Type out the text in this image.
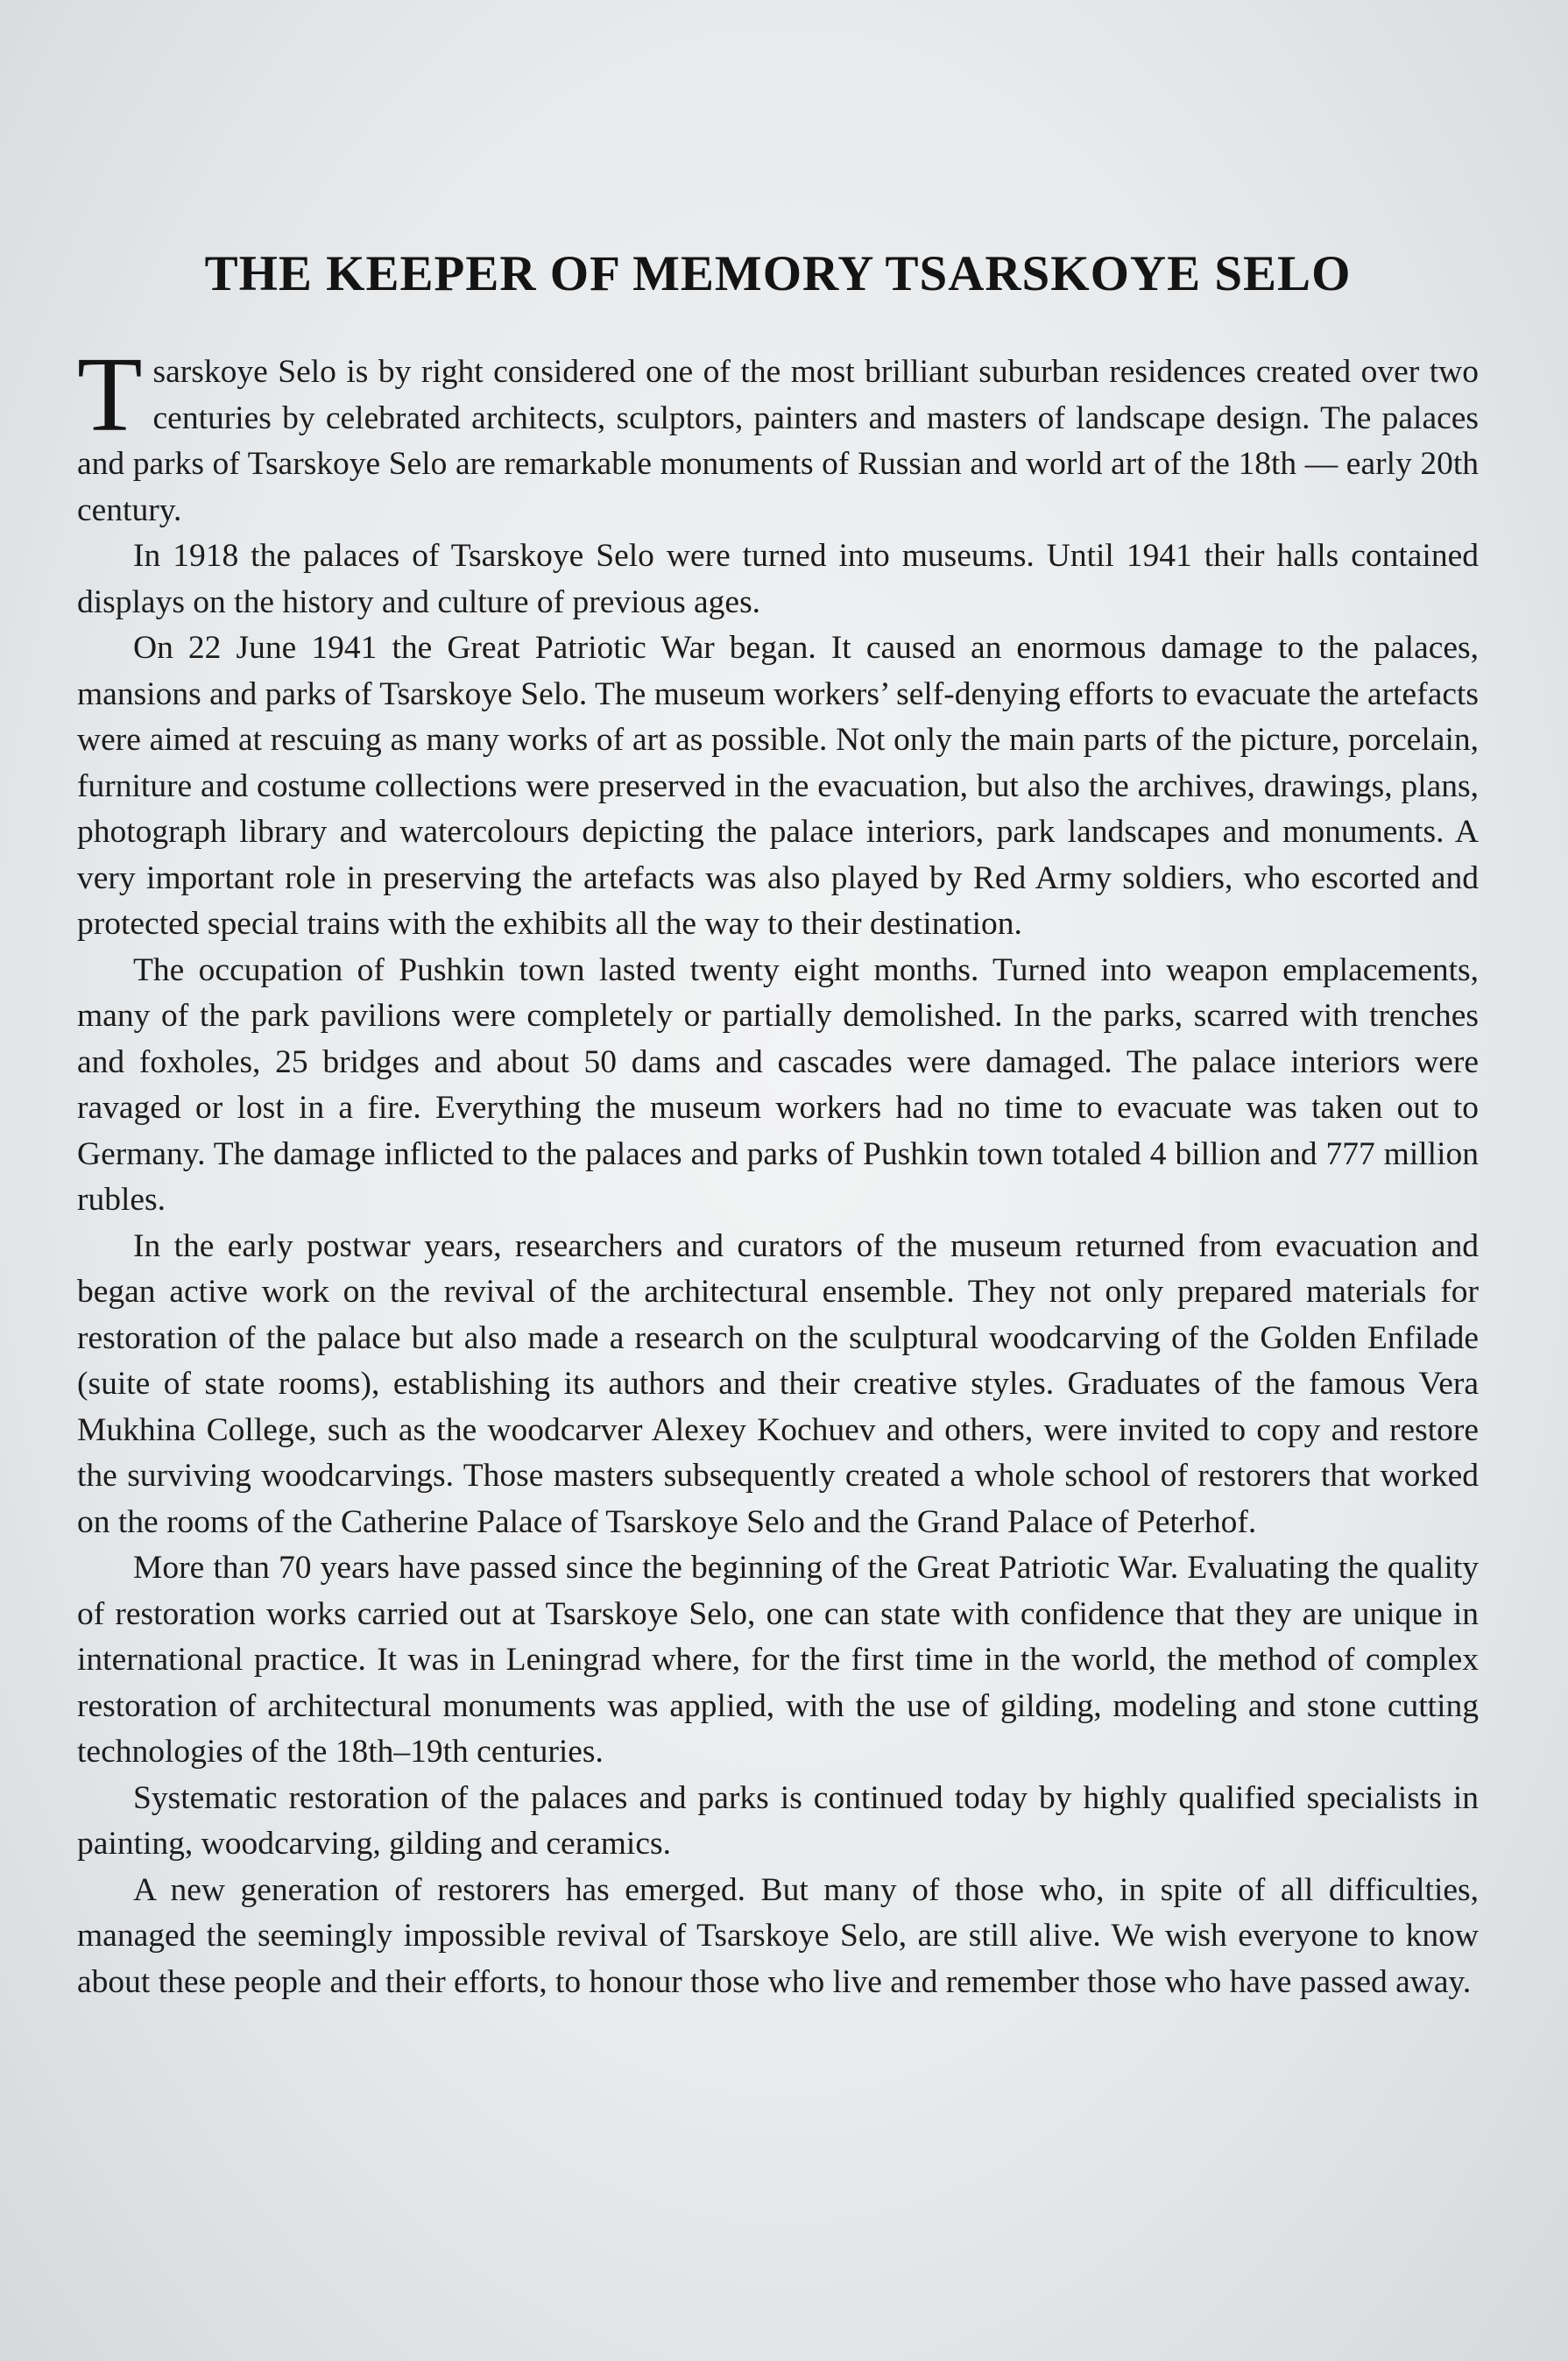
THE KEEPER OF MEMORY TSARSKOYE SELO

Tsarskoye Selo is by right considered one of the most brilliant suburban residences created over two centuries by celebrated architects, sculptors, painters and masters of landscape design. The palaces and parks of Tsarskoye Selo are remarkable monuments of Russian and world art of the 18th — early 20th century.

In 1918 the palaces of Tsarskoye Selo were turned into museums. Until 1941 their halls contained displays on the history and culture of previous ages.

On 22 June 1941 the Great Patriotic War began. It caused an enormous damage to the palaces, mansions and parks of Tsarskoye Selo. The museum workers’ self-denying efforts to evacuate the artefacts were aimed at rescuing as many works of art as possible. Not only the main parts of the picture, porcelain, furniture and costume collections were preserved in the evacuation, but also the archives, drawings, plans, photograph library and watercolours depicting the palace interiors, park landscapes and monuments. A very important role in preserving the artefacts was also played by Red Army soldiers, who escorted and protected special trains with the exhibits all the way to their destination.

The occupation of Pushkin town lasted twenty eight months. Turned into weapon emplacements, many of the park pavilions were completely or partially demolished. In the parks, scarred with trenches and foxholes, 25 bridges and about 50 dams and cascades were damaged. The palace interiors were ravaged or lost in a fire. Everything the museum workers had no time to evacuate was taken out to Germany. The damage inflicted to the palaces and parks of Pushkin town totaled 4 billion and 777 million rubles.

In the early postwar years, researchers and curators of the museum returned from evacuation and began active work on the revival of the architectural ensemble. They not only prepared materials for restoration of the palace but also made a research on the sculptural woodcarving of the Golden Enfilade (suite of state rooms), establishing its authors and their creative styles. Graduates of the famous Vera Mukhina College, such as the woodcarver Alexey Kochuev and others, were invited to copy and restore the surviving woodcarvings. Those masters subsequently created a whole school of restorers that worked on the rooms of the Catherine Palace of Tsarskoye Selo and the Grand Palace of Peterhof.

More than 70 years have passed since the beginning of the Great Patriotic War. Evaluating the quality of restoration works carried out at Tsarskoye Selo, one can state with confidence that they are unique in international practice. It was in Leningrad where, for the first time in the world, the method of complex restoration of architectural monuments was applied, with the use of gilding, modeling and stone cutting technologies of the 18th–19th centuries.

Systematic restoration of the palaces and parks is continued today by highly qualified specialists in painting, woodcarving, gilding and ceramics.

A new generation of restorers has emerged. But many of those who, in spite of all difficulties, managed the seemingly impossible revival of Tsarskoye Selo, are still alive. We wish everyone to know about these people and their efforts, to honour those who live and remember those who have passed away.
